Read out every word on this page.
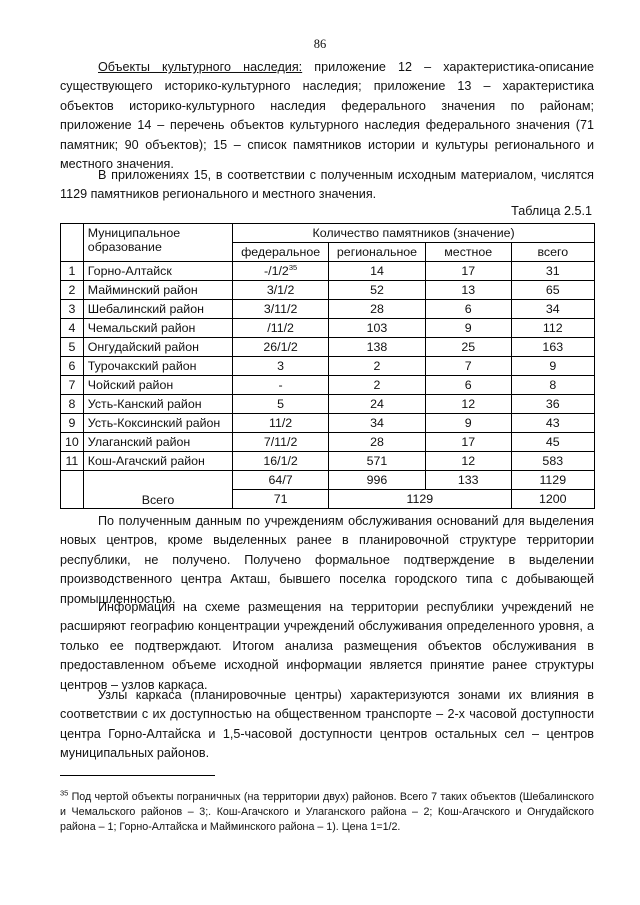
86

Объекты культурного наследия: приложение 12 – характеристика-описание существующего историко-культурного наследия; приложение 13 – характеристика объектов историко-культурного наследия федерального значения по районам; приложение 14 – перечень объектов культурного наследия федерального значения (71 памятник; 90 объектов); 15 – список памятников истории и культуры регионального и местного значения.

В приложениях 15, в соответствии с полученным исходным материалом, числятся 1129 памятников регионального и местного значения.

Таблица 2.5.1
	Муниципальное образование	Количество памятников (значение)			
		федеральное	региональное	местное	всего
1	Горно-Алтайск	$-/1/2^{35}$	14	17	31
2	Майминский район	3/1/2	52	13	65
3	Шебалинский район	3/11/2	28	6	34
4	Чемальский район	/11/2	103	9	112
5	Онгудайский район	26/1/2	138	25	163
6	Турочакский район	3	2	7	9
7	Чойский район	-	2	6	8
8	Усть-Канский район	5	24	12	36
9	Усть-Коксинский район	11/2	34	9	43
10	Улаганский район	7/11/2	28	17	45
11	Кош-Агачский район	16/1/2	571	12	583
	Всего	64/7	996	133	1129
		71	1129		1200

По полученным данным по учреждениям обслуживания оснований для выделения новых центров, кроме выделенных ранее в планировочной структуре территории республики, не получено. Получено формальное подтверждение в выделении производственного центра Акташ, бывшего поселка городского типа с добывающей промышленностью.

Информация на схеме размещения на территории республики учреждений не расширяют географию концентрации учреждений обслуживания определенного уровня, а только ее подтверждают. Итогом анализа размещения объектов обслуживания в предоставленном объеме исходной информации является принятие ранее структуры центров – узлов каркаса.

Узлы каркаса (планировочные центры) характеризуются зонами их влияния в соответствии с их доступностью на общественном транспорте – 2-х часовой доступности центра Горно-Алтайска и 1,5-часовой доступности центров остальных сел – центров муниципальных районов.

$^{35}$ Под чертой объекты пограничных (на территории двух) районов. Всего 7 таких объектов (Шебалинского и Чемальского районов – 3;. Кош-Агачского и Улаганского района – 2; Кош-Агачского и Онгудайского района – 1; Горно-Алтайска и Майминского района – 1). Цена 1=1/2.
